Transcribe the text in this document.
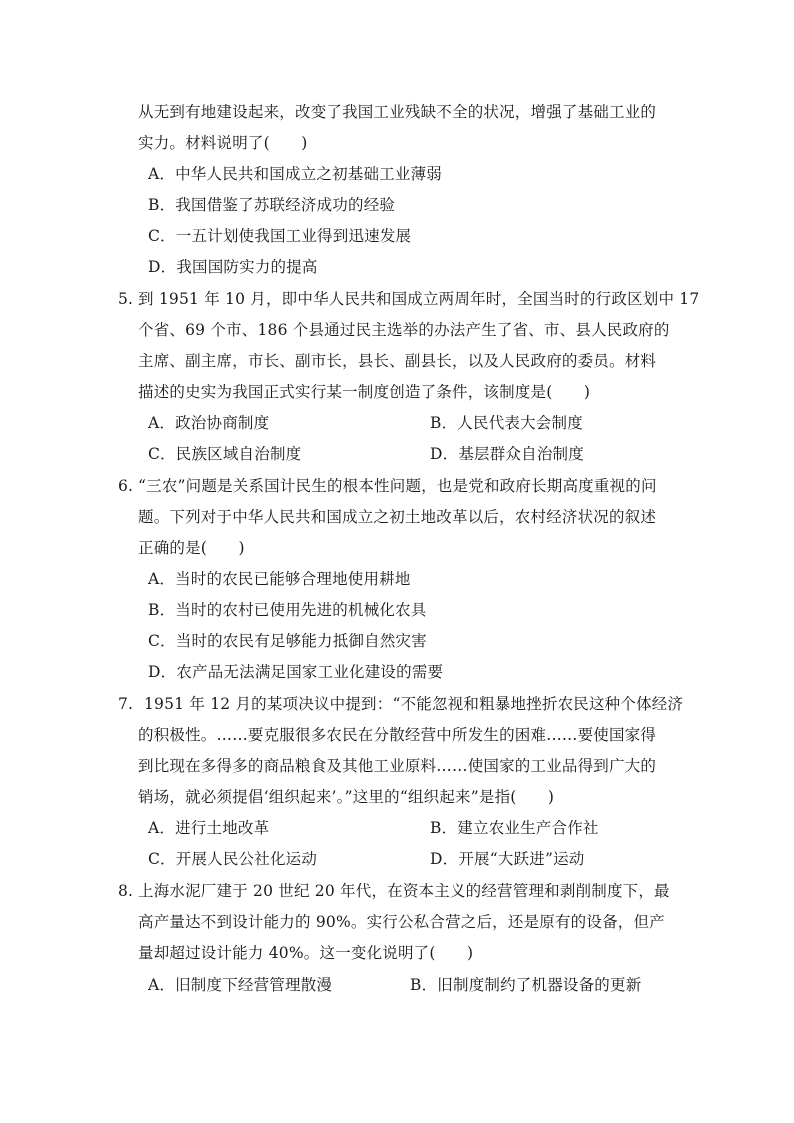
从无到有地建设起来，改变了我国工业残缺不全的状况，增强了基础工业的
实力。材料说明了(　　)
A．中华人民共和国成立之初基础工业薄弱
B．我国借鉴了苏联经济成功的经验
C．一五计划使我国工业得到迅速发展
D．我国国防实力的提高
5. 到 1951 年 10 月，即中华人民共和国成立两周年时，全国当时的行政区划中 17
个省、69 个市、186 个县通过民主选举的办法产生了省、市、县人民政府的
主席、副主席，市长、副市长，县长、副县长，以及人民政府的委员。材料
描述的史实为我国正式实行某一制度创造了条件，该制度是(　　)
A．政治协商制度	B．人民代表大会制度
C．民族区域自治制度	D．基层群众自治制度
6. “三农”问题是关系国计民生的根本性问题，也是党和政府长期高度重视的问
题。下列对于中华人民共和国成立之初土地改革以后，农村经济状况的叙述
正确的是(　　)
A．当时的农民已能够合理地使用耕地
B．当时的农村已使用先进的机械化农具
C．当时的农民有足够能力抵御自然灾害
D．农产品无法满足国家工业化建设的需要
7. 1951 年 12 月的某项决议中提到：“不能忽视和粗暴地挫折农民这种个体经济
的积极性。……要克服很多农民在分散经营中所发生的困难……要使国家得
到比现在多得多的商品粮食及其他工业原料……使国家的工业品得到广大的
销场，就必须提倡‘组织起来’。”这里的“组织起来”是指(　　)
A．进行土地改革	B．建立农业生产合作社
C．开展人民公社化运动	D．开展“大跃进”运动
8. 上海水泥厂建于 20 世纪 20 年代，在资本主义的经营管理和剥削制度下，最
高产量达不到设计能力的 90%。实行公私合营之后，还是原有的设备，但产
量却超过设计能力 40%。这一变化说明了(　　)
A．旧制度下经营管理散漫	B．旧制度制约了机器设备的更新
